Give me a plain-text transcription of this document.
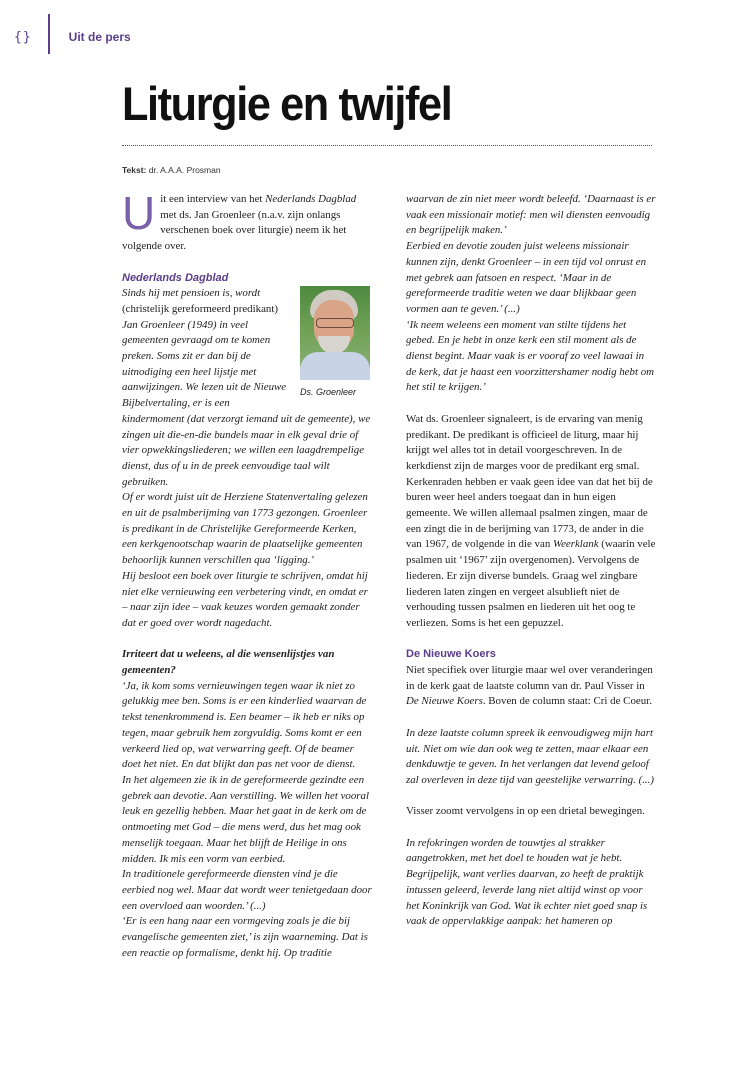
{}	Uit de pers
Liturgie en twijfel
Tekst: dr. A.A.A. Prosman

Uit een interview van het Nederlands Dagblad met ds. Jan Groenleer (n.a.v. zijn onlangs verschenen boek over liturgie) neem ik het volgende over.

Nederlands Dagblad

Ds. Groenleer
Sinds hij met pensioen is, wordt (christelijk gereformeerd predikant) Jan Groenleer (1949) in veel gemeenten gevraagd om te komen preken. Soms zit er dan bij de uitnodiging een heel lijstje met aanwijzingen. We lezen uit de Nieuwe Bijbelvertaling, er is een kindermoment (dat verzorgt iemand uit de gemeente), we zingen uit die-en-die bundels maar in elk geval drie of vier opwekkingsliederen; we willen een laagdrempelige dienst, dus of u in de preek eenvoudige taal wilt gebruiken.

Of er wordt juist uit de Herziene Statenvertaling gelezen en uit de psalmberijming van 1773 gezongen. Groenleer is predikant in de Christelijke Gereformeerde Kerken, een kerkgenootschap waarin de plaatselijke gemeenten behoorlijk kunnen verschillen qua ‘ligging.’

Hij besloot een boek over liturgie te schrijven, omdat hij niet elke vernieuwing een verbetering vindt, en omdat er – naar zijn idee – vaak keuzes worden gemaakt zonder dat er goed over wordt nagedacht.

Irriteert dat u weleens, al die wensenlijstjes van gemeenten?

‘Ja, ik kom soms vernieuwingen tegen waar ik niet zo gelukkig mee ben. Soms is er een kinderlied waarvan de tekst tenenkrommend is. Een beamer – ik heb er niks op tegen, maar gebruik hem zorgvuldig. Soms komt er een verkeerd lied op, wat verwarring geeft. Of de beamer doet het niet. En dat blijkt dan pas net voor de dienst.

In het algemeen zie ik in de gereformeerde gezindte een gebrek aan devotie. Aan verstilling. We willen het vooral leuk en gezellig hebben. Maar het gaat in de kerk om de ontmoeting met God – die mens werd, dus het mag ook menselijk toegaan. Maar het blijft de Heilige in ons midden. Ik mis een vorm van eerbied.

In traditionele gereformeerde diensten vind je die eerbied nog wel. Maar dat wordt weer tenietgedaan door een overvloed aan woorden.’ (...)

‘Er is een hang naar een vormgeving zoals je die bij evangelische gemeenten ziet,’ is zijn waarneming. Dat is een reactie op formalisme, denkt hij. Op traditie

waarvan de zin niet meer wordt beleefd. ‘Daarnaast is er vaak een missionair motief: men wil diensten eenvoudig en begrijpelijk maken.’

Eerbied en devotie zouden juist weleens missionair kunnen zijn, denkt Groenleer – in een tijd vol onrust en met gebrek aan fatsoen en respect. ‘Maar in de gereformeerde traditie weten we daar blijkbaar geen vormen aan te geven.’ (...)

‘Ik neem weleens een moment van stilte tijdens het gebed. En je hebt in onze kerk een stil moment als de dienst begint. Maar vaak is er vooraf zo veel lawaai in de kerk, dat je haast een voorzittershamer nodig hebt om het stil te krijgen.’

Wat ds. Groenleer signaleert, is de ervaring van menig predikant. De predikant is officieel de liturg, maar hij krijgt wel alles tot in detail voorgeschreven. In de kerkdienst zijn de marges voor de predikant erg smal. Kerkenraden hebben er vaak geen idee van dat het bij de buren weer heel anders toegaat dan in hun eigen gemeente. We willen allemaal psalmen zingen, maar de een zingt die in de berijming van 1773, de ander in die van 1967, de volgende in die van Weerklank (waarin vele psalmen uit ‘1967’ zijn overgenomen). Vervolgens de liederen. Er zijn diverse bundels. Graag wel zingbare liederen laten zingen en vergeet alsublieft niet de verhouding tussen psalmen en liederen uit het oog te verliezen. Soms is het een gepuzzel.

De Nieuwe Koers

Niet specifiek over liturgie maar wel over veranderingen in de kerk gaat de laatste column van dr. Paul Visser in De Nieuwe Koers. Boven de column staat: Cri de Coeur.

In deze laatste column spreek ik eenvoudigweg mijn hart uit. Niet om wie dan ook weg te zetten, maar elkaar een denkduwtje te geven. In het verlangen dat levend geloof zal overleven in deze tijd van geestelijke verwarring. (...)

Visser zoomt vervolgens in op een drietal bewegingen.

In refokringen worden de touwtjes al strakker aangetrokken, met het doel te houden wat je hebt. Begrijpelijk, want verlies daarvan, zo heeft de praktijk intussen geleerd, leverde lang niet altijd winst op voor het Koninkrijk van God. Wat ik echter niet goed snap is vaak de oppervlakkige aanpak: het hameren op
